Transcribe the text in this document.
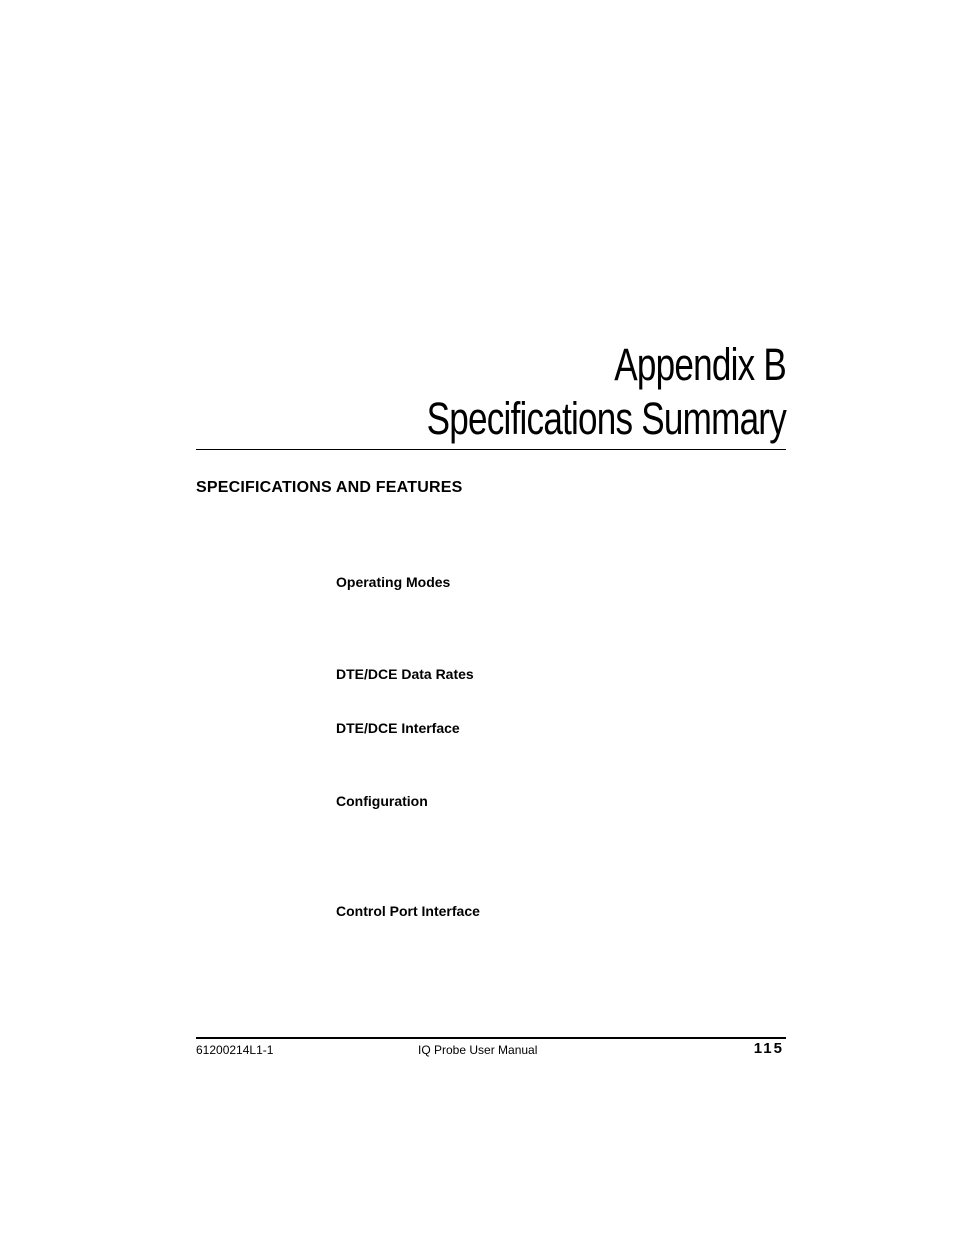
Appendix B
Specifications Summary
SPECIFICATIONS AND FEATURES
Operating Modes
DTE/DCE Data Rates
DTE/DCE Interface
Configuration
Control Port Interface
61200214L1-1	IQ Probe User Manual	115
